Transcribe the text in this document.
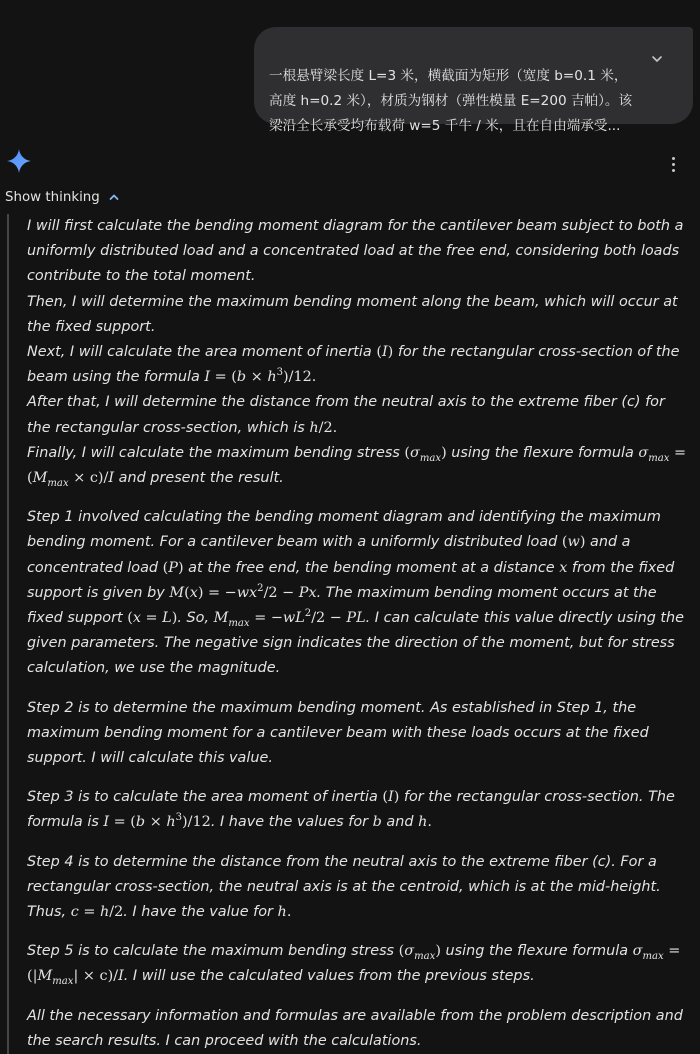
一根悬臂梁长度 L=3 米，横截面为矩形（宽度 b=0.1 米，
高度 h=0.2 米），材质为钢材（弹性模量 E=200 吉帕）。该
梁沿全长承受均布载荷 w=5 千牛 / 米，且在自由端承受...

Show thinking

I will first calculate the bending moment diagram for the cantilever beam subject to both a uniformly distributed load and a concentrated load at the free end, considering both loads contribute to the total moment.

Then, I will determine the maximum bending moment along the beam, which will occur at the fixed support.

Next, I will calculate the area moment of inertia (I) for the rectangular cross-section of the beam using the formula $I = (b \times h^3)/12$.

After that, I will determine the distance from the neutral axis to the extreme fiber (c) for the rectangular cross-section, which is h/2.

Finally, I will calculate the maximum bending stress $(\sigma_{max})$ using the flexure formula $\sigma_{max} = (M_{max} \times c)/I$ and present the result.

Step 1 involved calculating the bending moment diagram and identifying the maximum bending moment. For a cantilever beam with a uniformly distributed load (w) and a concentrated load (P) at the free end, the bending moment at a distance x from the fixed support is given by $M(x) = -wx^2/2 - Px$. The maximum bending moment occurs at the fixed support (x = L). So, $M_{max} = -wL^2/2$ − PL. I can calculate this value directly using the given parameters. The negative sign indicates the direction of the moment, but for stress calculation, we use the magnitude.

Step 2 is to determine the maximum bending moment. As established in Step 1, the maximum bending moment for a cantilever beam with these loads occurs at the fixed support. I will calculate this value.

Step 3 is to calculate the area moment of inertia (I) for the rectangular cross-section. The formula is $I = (b \times h^3)/12$. I have the values for b and h.

Step 4 is to determine the distance from the neutral axis to the extreme fiber (c). For a rectangular cross-section, the neutral axis is at the centroid, which is at the mid-height. Thus, c = h/2. I have the value for h.

Step 5 is to calculate the maximum bending stress $(\sigma_{max})$ using the flexure formula $\sigma_{max} = (|M_{max}| \times c)/I$. I will use the calculated values from the previous steps.

All the necessary information and formulas are available from the problem description and the search results. I can proceed with the calculations.
